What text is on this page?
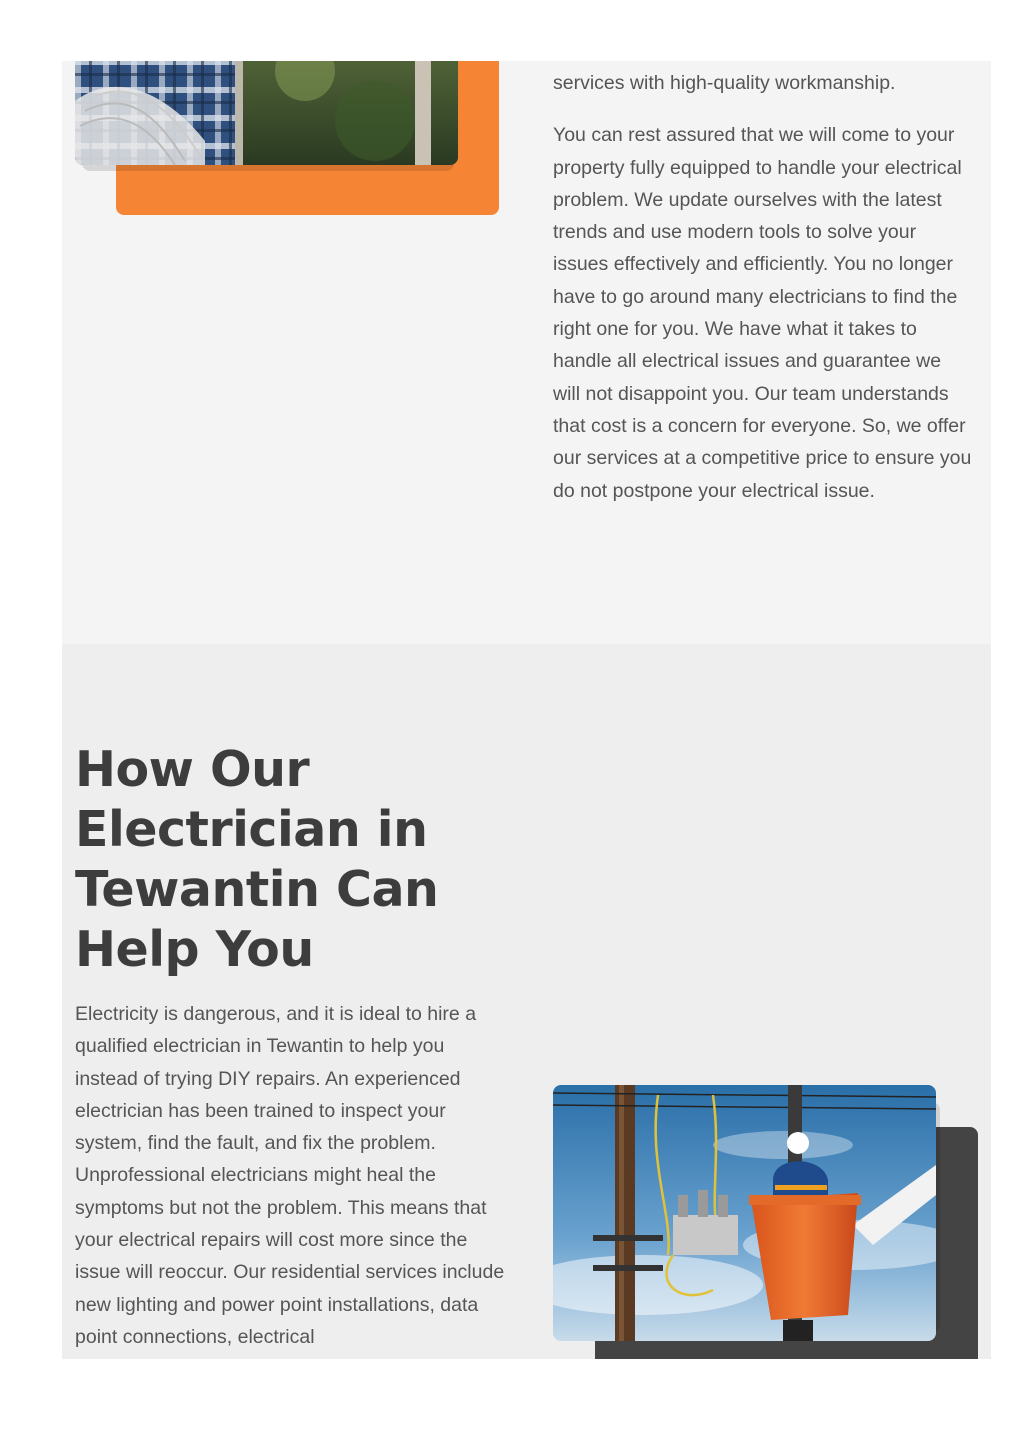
services with high-quality workmanship.

You can rest assured that we will come to your property fully equipped to handle your electrical problem. We update ourselves with the latest trends and use modern tools to solve your issues effectively and efficiently. You no longer have to go around many electricians to find the right one for you. We have what it takes to handle all electrical issues and guarantee we will not disappoint you. Our team understands that cost is a concern for everyone. So, we offer our services at a competitive price to ensure you do not postpone your electrical issue.

How Our Electrician in Tewantin Can Help You

Electricity is dangerous, and it is ideal to hire a qualified electrician in Tewantin to help you instead of trying DIY repairs. An experienced electrician has been trained to inspect your system, find the fault, and fix the problem. Unprofessional electricians might heal the symptoms but not the problem. This means that your electrical repairs will cost more since the issue will reoccur. Our residential services include new lighting and power point installations, data point connections, electrical
